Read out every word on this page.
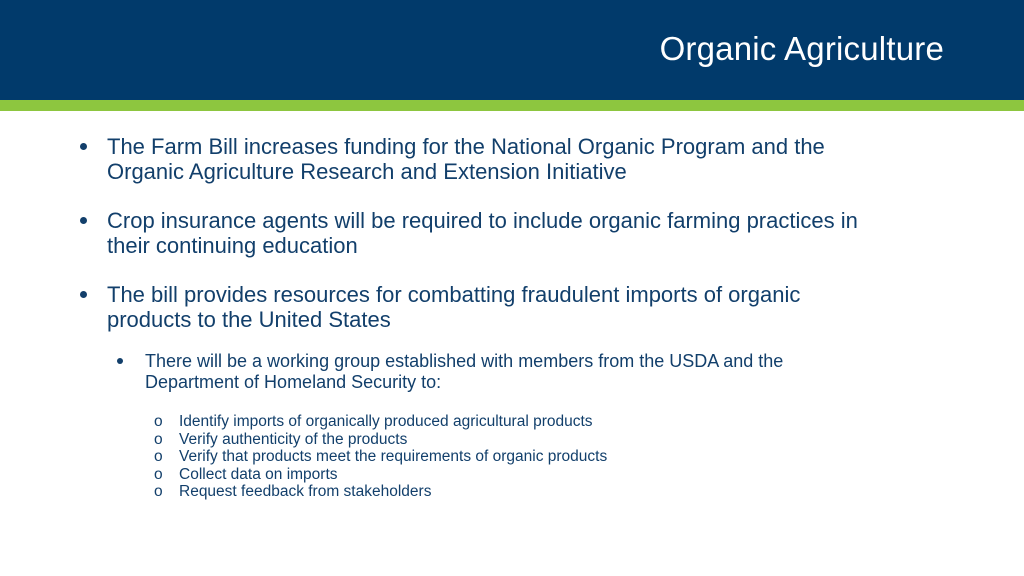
Organic Agriculture
The Farm Bill increases funding for the National Organic Program and the
Organic Agriculture Research and Extension Initiative
Crop insurance agents will be required to include organic farming practices in
their continuing education
The bill provides resources for combatting fraudulent imports of organic
products to the United States
There will be a working group established with members from the USDA and the
Department of Homeland Security to:
o Identify imports of organically produced agricultural products
o Verify authenticity of the products
o Verify that products meet the requirements of organic products
o Collect data on imports
o Request feedback from stakeholders
